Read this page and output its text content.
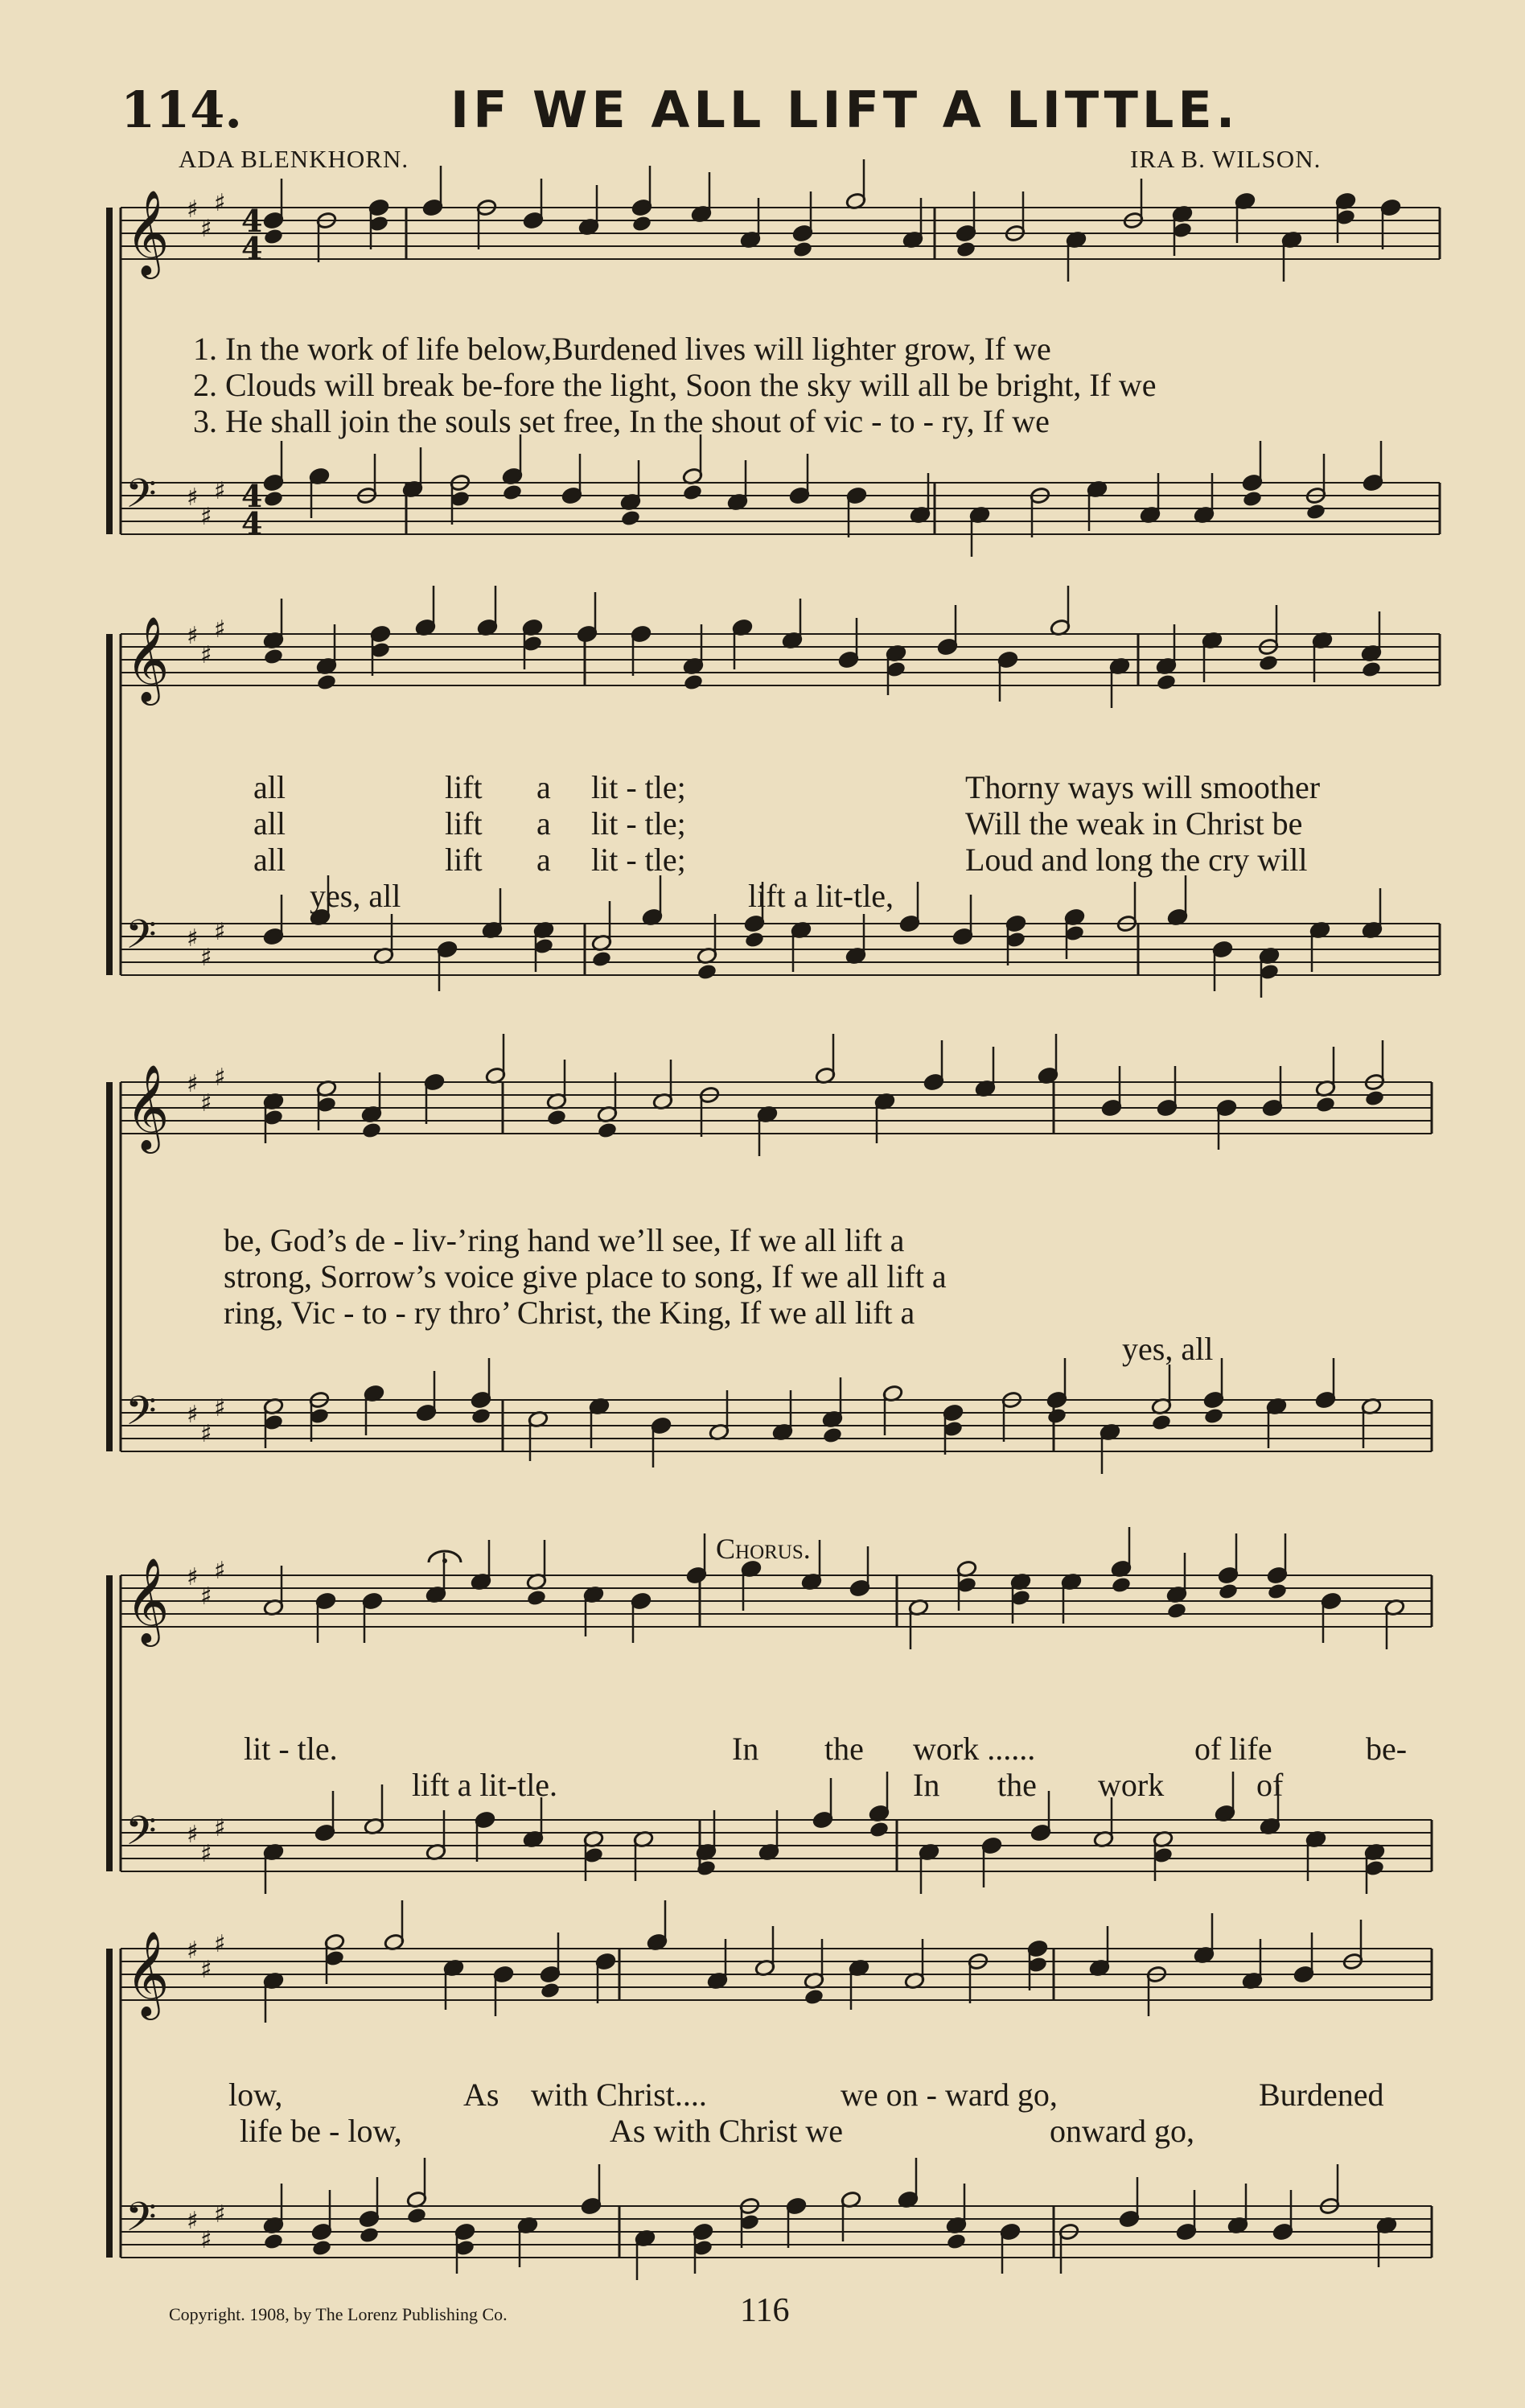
𝄞 ♯
♯
♯
𝄢 ♯
♯
♯
4
4
4
4
𝄞 ♯
♯
♯
𝄢 ♯
♯
♯
𝄞 ♯
♯
♯
𝄢 ♯
♯
♯
𝄞 ♯
♯
♯
𝄢 ♯
♯
♯
𝄞 ♯
♯
♯
𝄢 ♯
♯
♯
114.	IF WE ALL LIFT A LITTLE.
ADA BLENKHORN.	IRA B. WILSON.
1. In the work of life below,Burdened lives will lighter grow, If we
2. Clouds will break be-fore the light, Soon the sky will all be bright, If we
3. He shall join the souls set free, In the shout of vic - to - ry, If we
all	lift a lit - tle;	Thorny ways will smoother
all	lift a lit - tle;	Will the weak in Christ be
all	lift a lit - tle;	Loud and long the cry will
yes, all	lift a lit-tle,
be, God’s de - liv-’ring hand we’ll see, If we all lift a
strong, Sorrow’s voice give place to song, If we all lift a
ring, Vic - to - ry thro’ Christ, the King, If we all lift a
yes, all
Chorus.
lit - tle.	In the work ......	of life	be-
lift a lit-tle.	In the work	of
low,	As with Christ....	we on - ward go,	Burdened
life be - low,	As with Christ we	onward go,
Copyright. 1908, by The Lorenz Publishing Co.	116
